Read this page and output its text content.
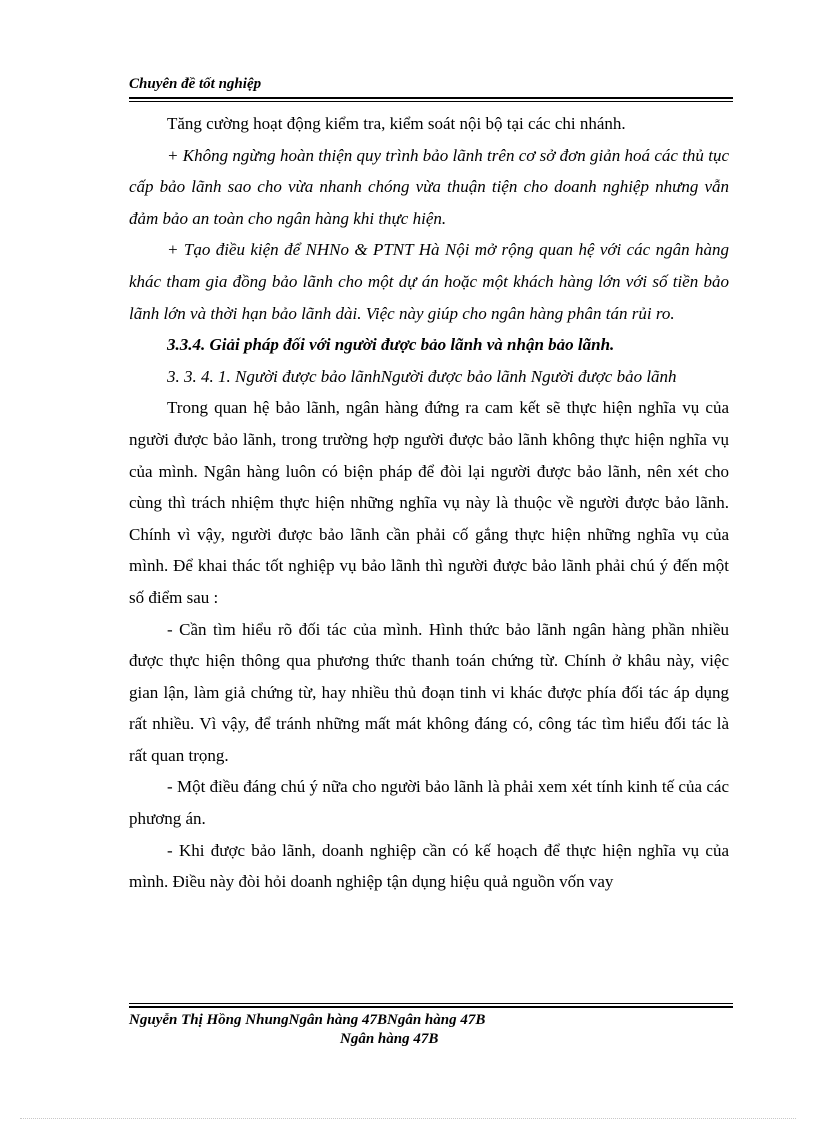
Chuyên đề tốt nghiệp

Tăng cường hoạt động kiểm tra, kiểm soát nội bộ tại các chi nhánh.

+ Không ngừng hoàn thiện quy trình bảo lãnh trên cơ sở đơn giản hoá các thủ tục cấp bảo lãnh sao cho vừa nhanh chóng vừa thuận tiện cho doanh nghiệp nhưng vẫn đảm bảo an toàn cho ngân hàng khi thực hiện.

+ Tạo điều kiện để NHNo & PTNT Hà Nội mở rộng quan hệ với các ngân hàng khác tham gia đồng bảo lãnh cho một dự án hoặc một khách hàng lớn với số tiền bảo lãnh lớn và thời hạn bảo lãnh dài. Việc này giúp cho ngân hàng phân tán rủi ro.

3.3.4. Giải pháp đối với người được bảo lãnh và nhận bảo lãnh.

3. 3. 4. 1. Người được bảo lãnhNgười được bảo lãnh Người được bảo lãnh

Trong quan hệ bảo lãnh, ngân hàng đứng ra cam kết sẽ thực hiện nghĩa vụ của người được bảo lãnh, trong trường hợp người được bảo lãnh không thực hiện nghĩa vụ của mình. Ngân hàng luôn có biện pháp để đòi lại người được bảo lãnh, nên xét cho cùng thì trách nhiệm thực hiện những nghĩa vụ này là thuộc về người được bảo lãnh. Chính vì vậy, người được bảo lãnh cần phải cố gắng thực hiện những nghĩa vụ của mình. Để khai thác tốt nghiệp vụ bảo lãnh thì người được bảo lãnh phải chú ý đến một số điểm sau :

- Cần tìm hiểu rõ đối tác của mình. Hình thức bảo lãnh ngân hàng phần nhiều được thực hiện thông qua phương thức thanh toán chứng từ. Chính ở khâu này, việc gian lận, làm giả chứng từ, hay nhiều thủ đoạn tinh vi khác được phía đối tác áp dụng rất nhiều. Vì vậy, để tránh những mất mát không đáng có, công tác tìm hiểu đối tác là rất quan trọng.

- Một điều đáng chú ý nữa cho người bảo lãnh là phải xem xét tính kinh tế của các phương án.

- Khi được bảo lãnh, doanh nghiệp cần có kế hoạch để thực hiện nghĩa vụ của mình. Điều này đòi hỏi doanh nghiệp tận dụng hiệu quả nguồn vốn vay

Nguyễn Thị Hồng NhungNgân hàng 47BNgân hàng 47B
Ngân hàng 47B
